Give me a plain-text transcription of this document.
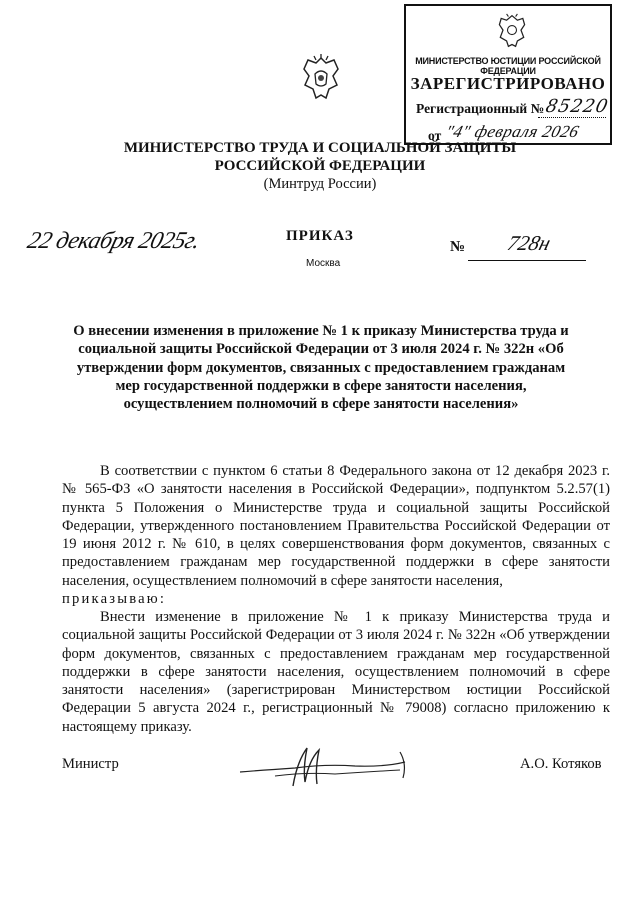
МИНИСТЕРСТВО ЮСТИЦИИ РОССИЙСКОЙ ФЕДЕРАЦИИ
ЗАРЕГИСТРИРОВАНО
Регистрационный № 85220
от "4" февраля 2026
МИНИСТЕРСТВО ТРУДА И СОЦИАЛЬНОЙ ЗАЩИТЫ
РОССИЙСКОЙ ФЕДЕРАЦИИ
(Минтруд России)
22 декабря 2025г.	ПРИКАЗ
Москва
№ 728н
О внесении изменения в приложение № 1 к приказу Министерства труда и социальной защиты Российской Федерации от 3 июля 2024 г. № 322н «Об утверждении форм документов, связанных с предоставлением гражданам мер государственной поддержки в сфере занятости населения, осуществлением полномочий в сфере занятости населения»
В соответствии с пунктом 6 статьи 8 Федерального закона от 12 декабря 2023 г. № 565-ФЗ «О занятости населения в Российской Федерации», подпунктом 5.2.57(1) пункта 5 Положения о Министерстве труда и социальной защиты Российской Федерации, утвержденного постановлением Правительства Российской Федерации от 19 июня 2012 г. № 610, в целях совершенствования форм документов, связанных с предоставлением гражданам мер государственной поддержки в сфере занятости населения, осуществлением полномочий в сфере занятости населения,
приказываю:
Внести изменение в приложение № 1 к приказу Министерства труда и социальной защиты Российской Федерации от 3 июля 2024 г. № 322н «Об утверждении форм документов, связанных с предоставлением гражданам мер государственной поддержки в сфере занятости населения, осуществлением полномочий в сфере занятости населения» (зарегистрирован Министерством юстиции Российской Федерации 5 августа 2024 г., регистрационный № 79008) согласно приложению к настоящему приказу.
Министр	А.О. Котяков
